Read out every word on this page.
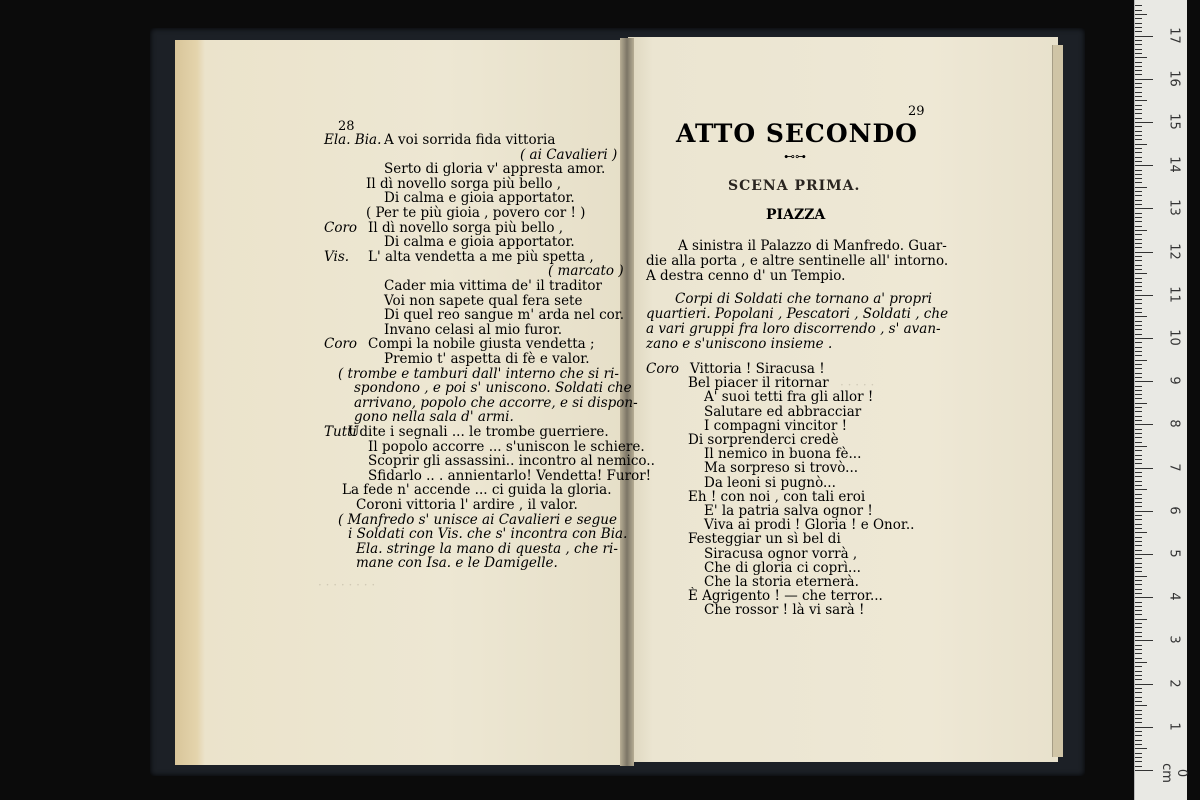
· · · · · · · ·
· · · · ·
28
Ela. Bia. A voi sorrida fida vittoria
( ai Cavalieri )
Serto di gloria v' appresta amor.
Il dì novello sorga più bello ,
Di calma e gioia apportator.
( Per te più gioia , povero cor ! )
Coro Il dì novello sorga più bello ,
Di calma e gioia apportator.
Vis. L' alta vendetta a me più spetta ,
( marcato )
Cader mia vittima de' il traditor
Voi non sapete qual fera sete
Di quel reo sangue m' arda nel cor.
Invano celasi al mio furor.
Coro Compi la nobile giusta vendetta ;
Premio t' aspetta di fè e valor.
( trombe e tamburi dall' interno che si ri-
spondono , e poi s' uniscono. Soldati che
arrivano, popolo che accorre, e si dispon-
gono nella sala d' armi.
Tutti
Udite i segnali ... le trombe guerriere.
Il popolo accorre ... s'uniscon le schiere.
Scoprir gli assassini.. incontro al nemico..
Sfidarlo .. . annientarlo! Vendetta! Furor!
La fede n' accende ... ci guida la gloria.
Coroni vittoria l' ardire , il valor.
( Manfredo s' unisce ai Cavalieri e segue
i Soldati con Vis. che s' incontra con Bia.
Ela. stringe la mano di questa , che ri-
mane con Isa. e le Damigelle.
29
ATTO SECONDO
⊷⊶
SCENA PRIMA.
PIAZZA
A sinistra il Palazzo di Manfredo. Guar-
die alla porta , e altre sentinelle all' intorno.
A destra cenno d' un Tempio.
Corpi di Soldati che tornano a' propri
quartieri. Popolani , Pescatori , Soldati , che
a vari gruppi fra loro discorrendo , s' avan-
zano e s'uniscono insieme .
Coro Vittoria ! Siracusa !
Bel piacer il ritornar
A' suoi tetti fra gli allor !
Salutare ed abbracciar
I compagni vincitor !
Di sorprenderci credè
Il nemico in buona fè...
Ma sorpreso si trovò...
Da leoni si pugnò...
Eh ! con noi , con tali eroi
E' la patria salva ognor !
Viva ai prodi ! Gloria ! e Onor..
Festeggiar un sì bel di
Siracusa ognor vorrà ,
Che di gloria ci coprì...
Che la storia eternerà.
È Agrigento ! — che terror...
Che rossor ! là vi sarà !
0 cm
1
2
3
4
5
6
7
8
9
10
11
12
13
14
15
16
17
